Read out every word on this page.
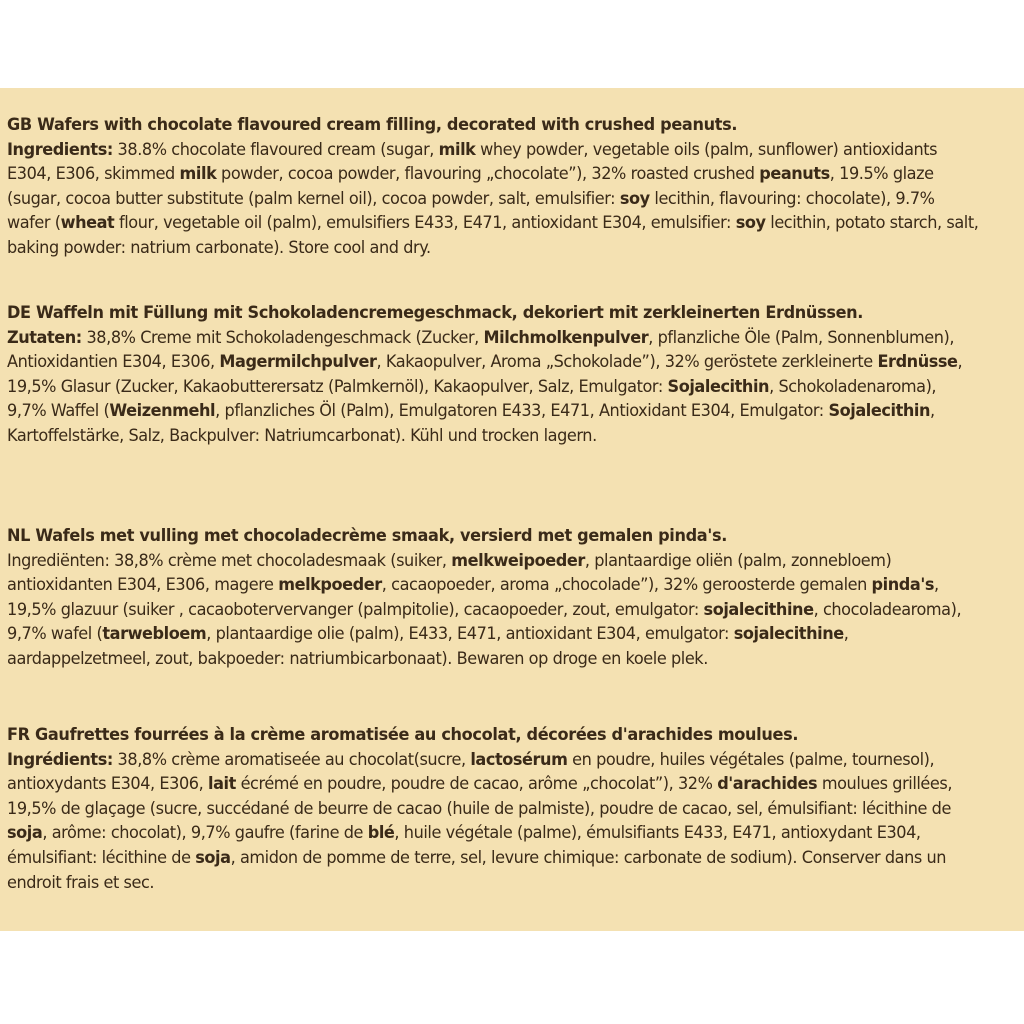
GB Wafers with chocolate flavoured cream filling, decorated with crushed peanuts.
Ingredients: 38.8% chocolate flavoured cream (sugar, milk whey powder, vegetable oils (palm, sunflower) antioxidants E304, E306, skimmed milk powder, cocoa powder, flavouring „chocolate”), 32% roasted crushed peanuts, 19.5% glaze (sugar, cocoa butter substitute (palm kernel oil), cocoa powder, salt, emulsifier: soy lecithin, flavouring: chocolate), 9.7% wafer (wheat flour, vegetable oil (palm), emulsifiers E433, E471, antioxidant E304, emulsifier: soy lecithin, potato starch, salt, baking powder: natrium carbonate). Store cool and dry.
DE Waffeln mit Füllung mit Schokoladencremegeschmack, dekoriert mit zerkleinerten Erdnüssen.
Zutaten: 38,8% Creme mit Schokoladengeschmack (Zucker, Milchmolkenpulver, pflanzliche Öle (Palm, Sonnenblumen), Antioxidantien E304, E306, Magermilchpulver, Kakaopulver, Aroma „Schokolade”), 32% geröstete zerkleinerte Erdnüsse, 19,5% Glasur (Zucker, Kakaobutterersatz (Palmkernöl), Kakaopulver, Salz, Emulgator: Sojalecithin, Schokoladenaroma), 9,7% Waffel (Weizenmehl, pflanzliches Öl (Palm), Emulgatoren E433, E471, Antioxidant E304, Emulgator: Sojalecithin, Kartoffelstärke, Salz, Backpulver: Natriumcarbonat). Kühl und trocken lagern.
NL Wafels met vulling met chocoladecrème smaak, versierd met gemalen pinda's.
Ingrediënten: 38,8% crème met chocoladesmaak (suiker, melkweipoeder, plantaardige oliën (palm, zonnebloem) antioxidanten E304, E306, magere melkpoeder, cacaopoeder, aroma „chocolade”), 32% geroosterde gemalen pinda's, 19,5% glazuur (suiker , cacaobotervervanger (palmpitolie), cacaopoeder, zout, emulgator: sojalecithine, chocoladearoma), 9,7% wafel (tarwebloem, plantaardige olie (palm), E433, E471, antioxidant E304, emulgator: sojalecithine, aardappelzetmeel, zout, bakpoeder: natriumbicarbonaat). Bewaren op droge en koele plek.
FR Gaufrettes fourrées à la crème aromatisée au chocolat, décorées d'arachides moulues.
Ingrédients: 38,8% crème aromatiseée au chocolat(sucre, lactosérum en poudre, huiles végétales (palme, tournesol), antioxydants E304, E306, lait écrémé en poudre, poudre de cacao, arôme „chocolat”), 32% d'arachides moulues grillées, 19,5% de glaçage (sucre, succédané de beurre de cacao (huile de palmiste), poudre de cacao, sel, émulsifiant: lécithine de soja, arôme: chocolat), 9,7% gaufre (farine de blé, huile végétale (palme), émulsifiants E433, E471, antioxydant E304, émulsifiant: lécithine de soja, amidon de pomme de terre, sel, levure chimique: carbonate de sodium). Conserver dans un endroit frais et sec.
